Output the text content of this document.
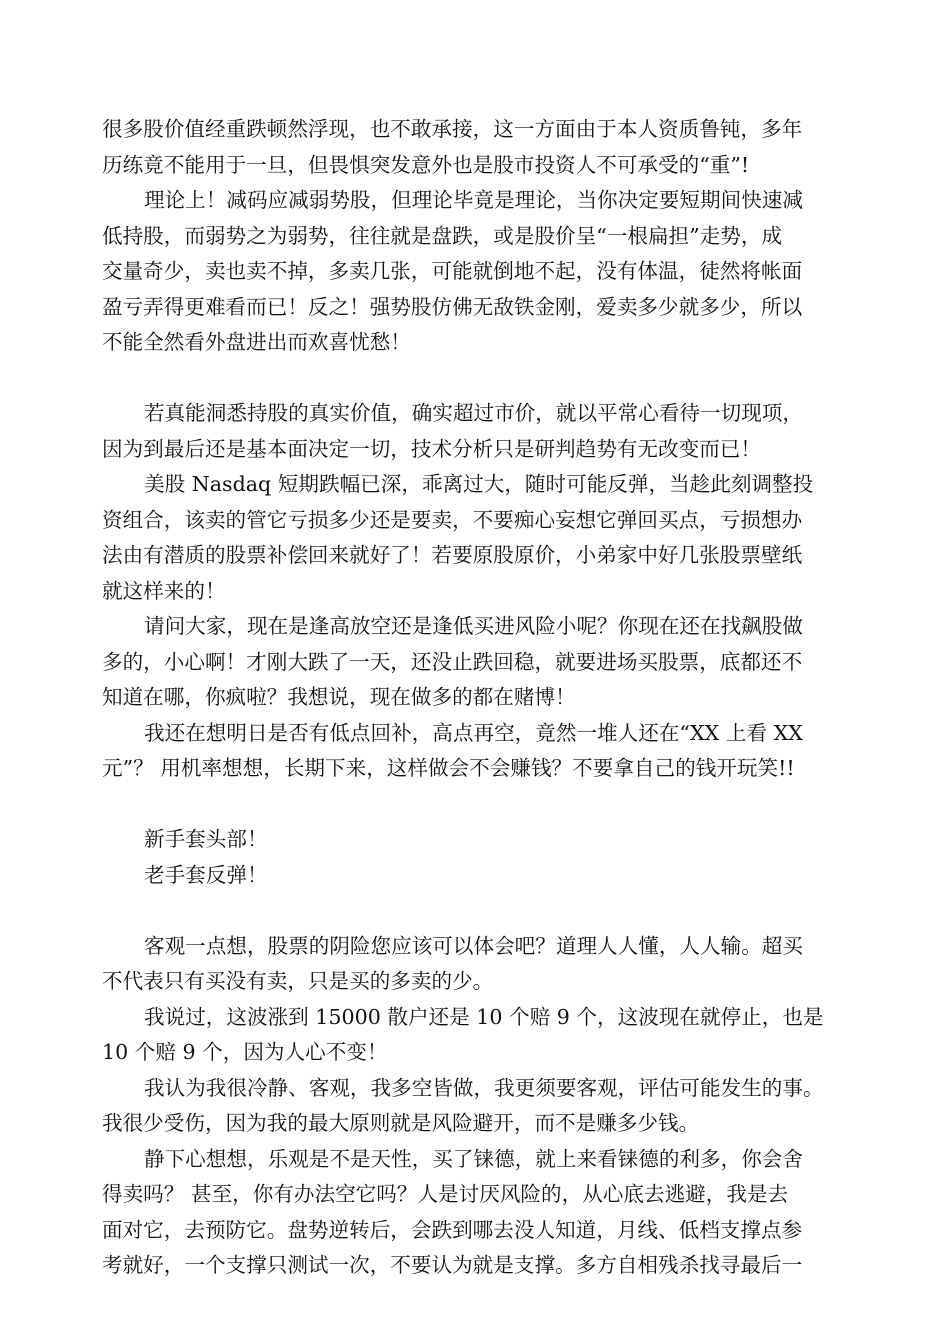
很多股价值经重跌顿然浮现，也不敢承接，这一方面由于本人资质鲁钝，多年
历练竟不能用于一旦，但畏惧突发意外也是股市投资人不可承受的“重”!
理论上！减码应减弱势股，但理论毕竟是理论，当你决定要短期间快速减
低持股，而弱势之为弱势，往往就是盘跌，或是股价呈“一根扁担”走势，成
交量奇少，卖也卖不掉，多卖几张，可能就倒地不起，没有体温，徒然将帐面
盈亏弄得更难看而已！反之！强势股仿佛无敌铁金刚，爱卖多少就多少，所以
不能全然看外盘进出而欢喜忧愁！
若真能洞悉持股的真实价值，确实超过市价，就以平常心看待一切现项，
因为到最后还是基本面决定一切，技术分析只是研判趋势有无改变而已！
美股 Nasdaq 短期跌幅已深，乖离过大，随时可能反弹，当趁此刻调整投
资组合，该卖的管它亏损多少还是要卖，不要痴心妄想它弹回买点，亏损想办
法由有潜质的股票补偿回来就好了！若要原股原价，小弟家中好几张股票壁纸
就这样来的！
请问大家，现在是逢高放空还是逢低买进风险小呢？你现在还在找飙股做
多的，小心啊！才刚大跌了一天，还没止跌回稳，就要进场买股票，底都还不
知道在哪，你疯啦？我想说，现在做多的都在赌博！
我还在想明日是否有低点回补，高点再空，竟然一堆人还在“XX 上看 XX
元”？ 用机率想想，长期下来，这样做会不会赚钱？不要拿自己的钱开玩笑!!
新手套头部！
老手套反弹！
客观一点想，股票的阴险您应该可以体会吧？道理人人懂，人人输。超买
不代表只有买没有卖，只是买的多卖的少。
我说过，这波涨到 15000 散户还是 10 个赔 9 个，这波现在就停止，也是
10 个赔 9 个，因为人心不变！
我认为我很冷静、客观，我多空皆做，我更须要客观，评估可能发生的事。
我很少受伤，因为我的最大原则就是风险避开，而不是赚多少钱。
静下心想想，乐观是不是天性，买了铼德，就上来看铼德的利多，你会舍
得卖吗？ 甚至，你有办法空它吗？人是讨厌风险的，从心底去逃避，我是去
面对它，去预防它。盘势逆转后，会跌到哪去没人知道，月线、低档支撑点参
考就好，一个支撑只测试一次，不要认为就是支撑。多方自相残杀找寻最后一
